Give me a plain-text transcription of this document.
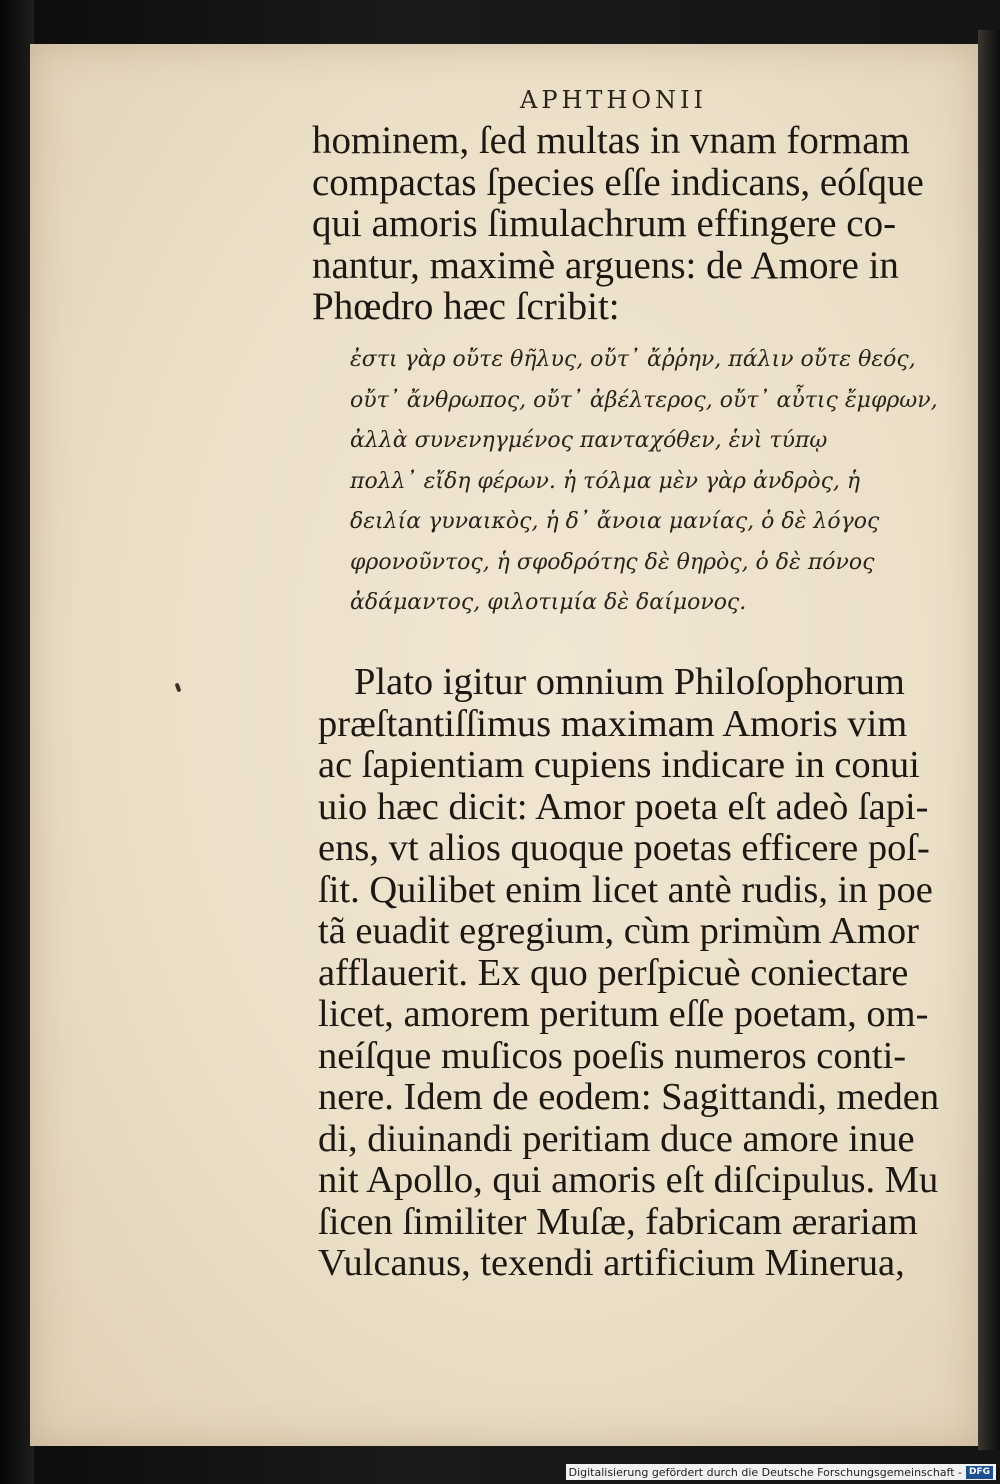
APHTHONII
hominem, ſed multas in vnam formam
compactas ſpecies eſſe indicans, eóſque
qui amoris ſimulachrum effingere co-
nantur, maximè arguens: de Amore in
Phœdro hæc ſcribit:
ἐστι γὰρ οὔτε θῆλυς, οὔτ᾽ ἄῤῥην, πάλιν οὔτε θεός,
οὔτ᾽ ἄνθρωπος, οὔτ᾽ ἀβέλτερος, οὔτ᾽ αὖτις ἔμφρων,
ἀλλὰ συνενηγμένος πανταχόθεν, ἑνὶ τύπῳ
πολλ᾽ εἴδη φέρων. ἡ τόλμα μὲν γὰρ ἀνδρὸς, ἡ
δειλία γυναικὸς, ἡ δ᾽ ἄνοια μανίας, ὁ δὲ λόγος
φρονοῦντος, ἡ σφοδρότης δὲ θηρὸς, ὁ δὲ πόνος
ἀδάμαντος, φιλοτιμία δὲ δαίμονος.
Plato igitur omnium Philoſophorum
præſtantiſſimus maximam Amoris vim
ac ſapientiam cupiens indicare in conui
uio hæc dicit: Amor poeta eſt adeò ſapi-
ens, vt alios quoque poetas efficere poſ-
ſit. Quilibet enim licet antè rudis, in poe
tã euadit egregium, cùm primùm Amor
afflauerit. Ex quo perſpicuè coniectare
licet, amorem peritum eſſe poetam, om-
neíſque muſicos poeſis numeros conti-
nere. Idem de eodem: Sagittandi, meden
di, diuinandi peritiam duce amore inue
nit Apollo, qui amoris eſt diſcipulus. Mu
ſicen ſimiliter Muſæ, fabricam ærariam
Vulcanus, texendi artificium Minerua,
Digitalisierung gefördert durch die Deutsche Forschungsgemeinschaft - DFG
